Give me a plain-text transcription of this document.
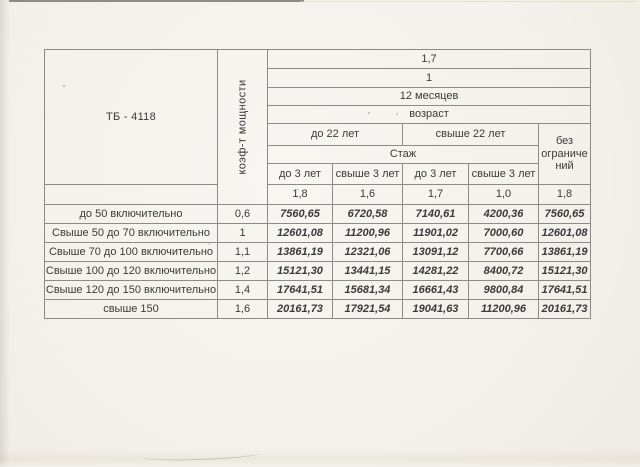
ТБ - 4118	коэф-т мощности	1,7				
		1				
		12 месяцев				
		возраст				
		до 22 лет		свыше 22 лет		без ограничений
		Стаж				
		до 3 лет	свыше 3 лет	до 3 лет	свыше 3 лет	
		1,8	1,6	1,7	1,0	1,8
до 50 включительно	0,6	7560,65	6720,58	7140,61	4200,36	7560,65
Свыше 50 до 70 включительно	1	12601,08	11200,96	11901,02	7000,60	12601,08
Свыше 70 до 100 включительно	1,1	13861,19	12321,06	13091,12	7700,66	13861,19
Свыше 100 до 120 включительно	1,2	15121,30	13441,15	14281,22	8400,72	15121,30
Свыше 120 до 150 включительно	1,4	17641,51	15681,34	16661,43	9800,84	17641,51
свыше 150	1,6	20161,73	17921,54	19041,63	11200,96	20161,73
